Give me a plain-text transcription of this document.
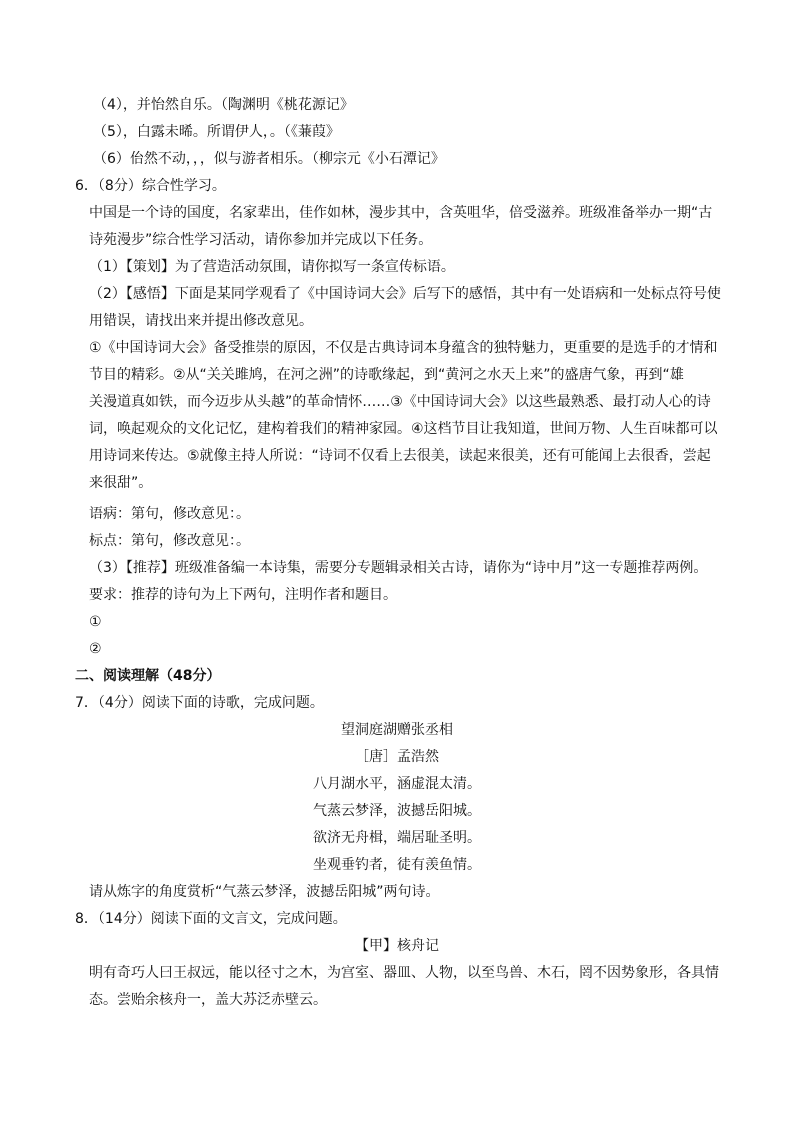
（4），并怡然自乐。（陶渊明《桃花源记》
（5），白露未晞。所谓伊人，。（《蒹葭》
（6）佁然不动，，，似与游者相乐。（柳宗元《小石潭记》
6．（8分）综合性学习。
中国是一个诗的国度，名家辈出，佳作如林，漫步其中，含英咀华，倍受滋养。班级准备举办一期“古
诗苑漫步”综合性学习活动，请你参加并完成以下任务。
（1）【策划】为了营造活动氛围，请你拟写一条宣传标语。
（2）【感悟】下面是某同学观看了《中国诗词大会》后写下的感悟，其中有一处语病和一处标点符号使
用错误，请找出来并提出修改意见。
①《中国诗词大会》备受推崇的原因，不仅是古典诗词本身蕴含的独特魅力，更重要的是选手的才情和
节目的精彩。②从“关关雎鸠，在河之洲”的诗歌缘起，到“黄河之水天上来”的盛唐气象，再到“雄
关漫道真如铁，而今迈步从头越”的革命情怀……③《中国诗词大会》以这些最熟悉、最打动人心的诗
词，唤起观众的文化记忆，建构着我们的精神家园。④这档节目让我知道，世间万物、人生百味都可以
用诗词来传达。⑤就像主持人所说：“诗词不仅看上去很美，读起来很美，还有可能闻上去很香，尝起
来很甜”。
语病：第句，修改意见：。
标点：第句，修改意见：。
（3）【推荐】班级准备编一本诗集，需要分专题辑录相关古诗，请你为“诗中月”这一专题推荐两例。
要求：推荐的诗句为上下两句，注明作者和题目。
①
②
二、阅读理解（48分）
7．（4分）阅读下面的诗歌，完成问题。
望洞庭湖赠张丞相
［唐］孟浩然
八月湖水平，涵虚混太清。
气蒸云梦泽，波撼岳阳城。
欲济无舟楫，端居耻圣明。
坐观垂钓者，徒有羡鱼情。
请从炼字的角度赏析“气蒸云梦泽，波撼岳阳城”两句诗。
8．（14分）阅读下面的文言文，完成问题。
【甲】核舟记
明有奇巧人曰王叔远，能以径寸之木，为宫室、器皿、人物，以至鸟兽、木石，罔不因势象形，各具情
态。尝贻余核舟一，盖大苏泛赤壁云。
